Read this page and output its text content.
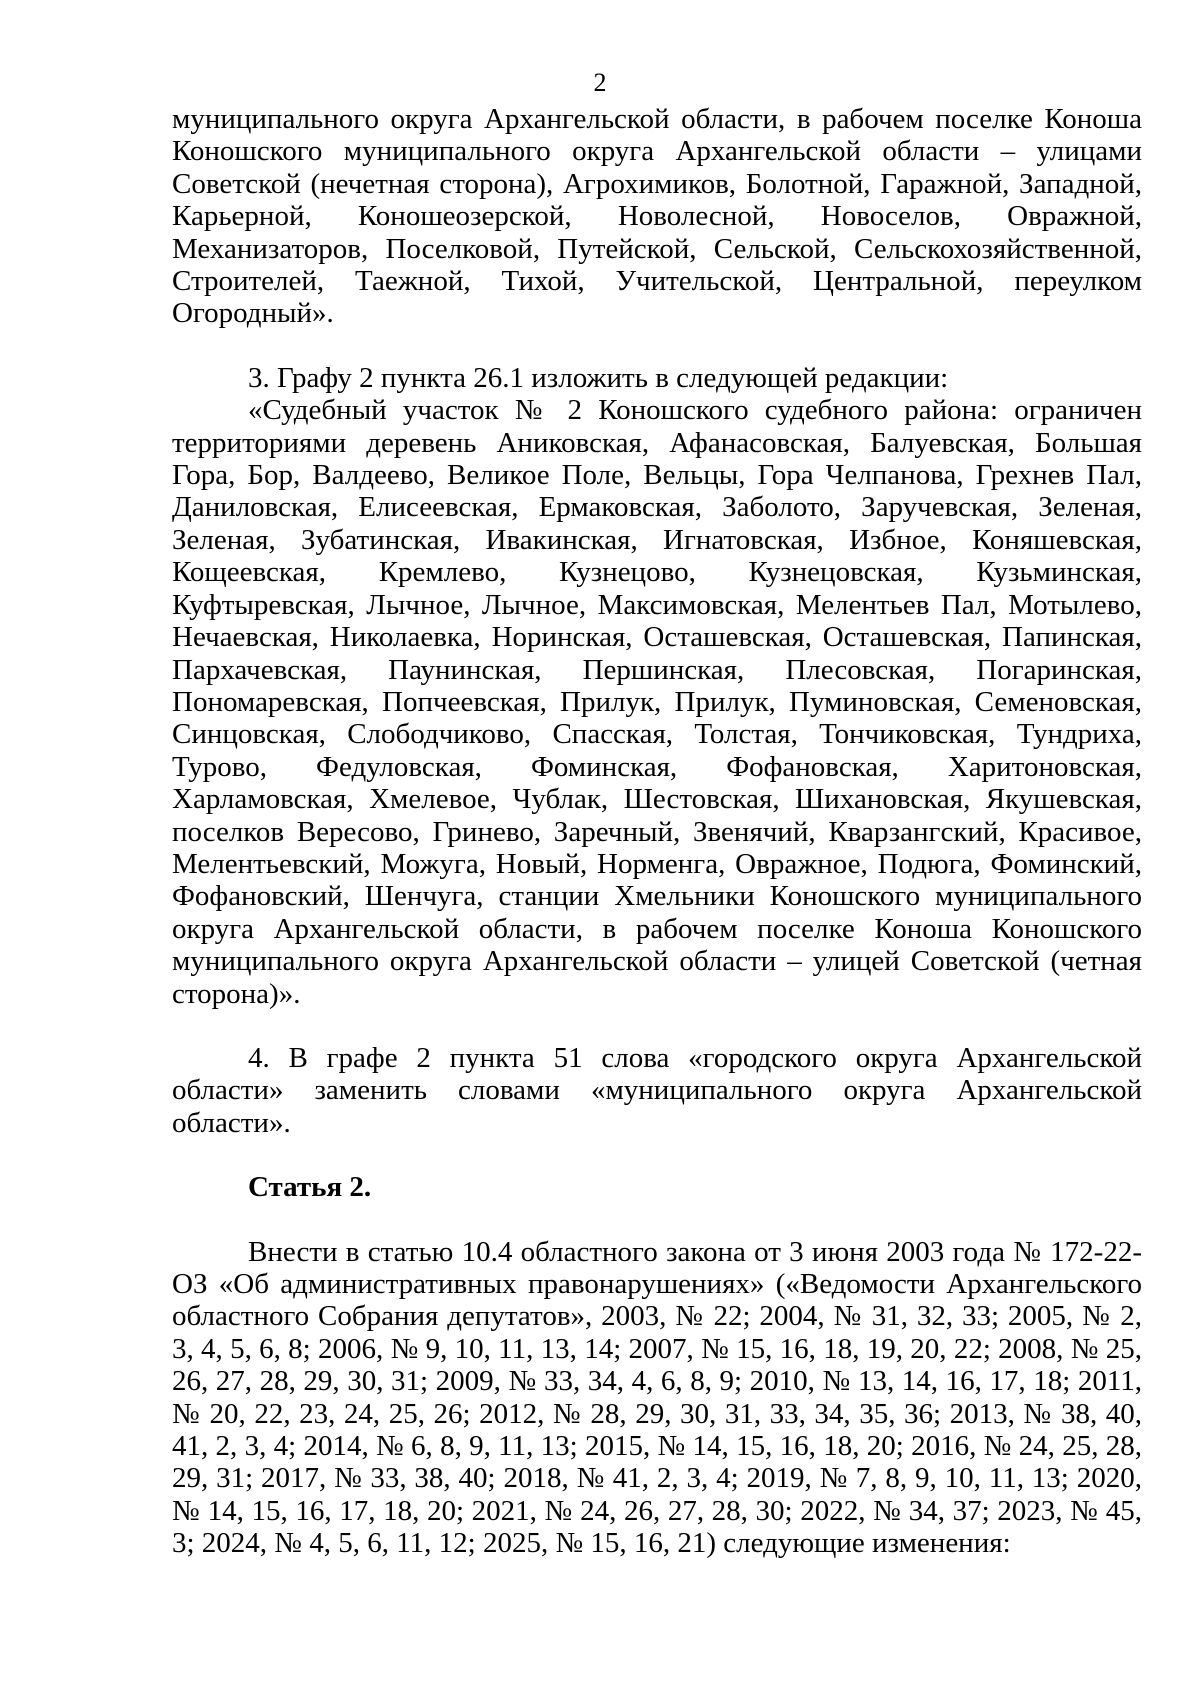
2

муниципального округа Архангельской области, в рабочем поселке Коноша Коношского муниципального округа Архангельской области – улицами Советской (нечетная сторона), Агрохимиков, Болотной, Гаражной, Западной, Карьерной, Коношеозерской, Новолесной, Новоселов, Овражной, Механизаторов, Поселковой, Путейской, Сельской, Сельскохозяйственной, Строителей, Таежной, Тихой, Учительской, Центральной, переулком Огородный».

3. Графу 2 пункта 26.1 изложить в следующей редакции:

«Судебный участок № 2 Коношского судебного района: ограничен территориями деревень Аниковская, Афанасовская, Балуевская, Большая Гора, Бор, Валдеево, Великое Поле, Вельцы, Гора Челпанова, Грехнев Пал, Даниловская, Елисеевская, Ермаковская, Заболото, Заручевская, Зеленая, Зеленая, Зубатинская, Ивакинская, Игнатовская, Избное, Коняшевская, Кощеевская, Кремлево, Кузнецово, Кузнецовская, Кузьминская, Куфтыревская, Лычное, Лычное, Максимовская, Мелентьев Пал, Мотылево, Нечаевская, Николаевка, Норинская, Осташевская, Осташевская, Папинская, Пархачевская, Паунинская, Першинская, Плесовская, Погаринская, Пономаревская, Попчеевская, Прилук, Прилук, Пуминовская, Семеновская, Синцовская, Слободчиково, Спасская, Толстая, Тончиковская, Тундриха, Турово, Федуловская, Фоминская, Фофановская, Харитоновская, Харламовская, Хмелевое, Чублак, Шестовская, Шихановская, Якушевская, поселков Вересово, Гринево, Заречный, Звенячий, Кварзангский, Красивое, Мелентьевский, Можуга, Новый, Норменга, Овражное, Подюга, Фоминский, Фофановский, Шенчуга, станции Хмельники Коношского муниципального округа Архангельской области, в рабочем поселке Коноша Коношского муниципального округа Архангельской области – улицей Советской (четная сторона)».

4. В графе 2 пункта 51 слова «городского округа Архангельской области» заменить словами «муниципального округа Архангельской области».

Статья 2.

Внести в статью 10.4 областного закона от 3 июня 2003 года № 172-22-ОЗ «Об административных правонарушениях» («Ведомости Архангельского областного Собрания депутатов», 2003, № 22; 2004, № 31, 32, 33; 2005, № 2, 3, 4, 5, 6, 8; 2006, № 9, 10, 11, 13, 14; 2007, № 15, 16, 18, 19, 20, 22; 2008, № 25, 26, 27, 28, 29, 30, 31; 2009, № 33, 34, 4, 6, 8, 9; 2010, № 13, 14, 16, 17, 18; 2011, № 20, 22, 23, 24, 25, 26; 2012, № 28, 29, 30, 31, 33, 34, 35, 36; 2013, № 38, 40, 41, 2, 3, 4; 2014, № 6, 8, 9, 11, 13; 2015, № 14, 15, 16, 18, 20; 2016, № 24, 25, 28, 29, 31; 2017, № 33, 38, 40; 2018, № 41, 2, 3, 4; 2019, № 7, 8, 9, 10, 11, 13; 2020, № 14, 15, 16, 17, 18, 20; 2021, № 24, 26, 27, 28, 30; 2022, № 34, 37; 2023, № 45, 3; 2024, № 4, 5, 6, 11, 12; 2025, № 15, 16, 21) следующие изменения:
